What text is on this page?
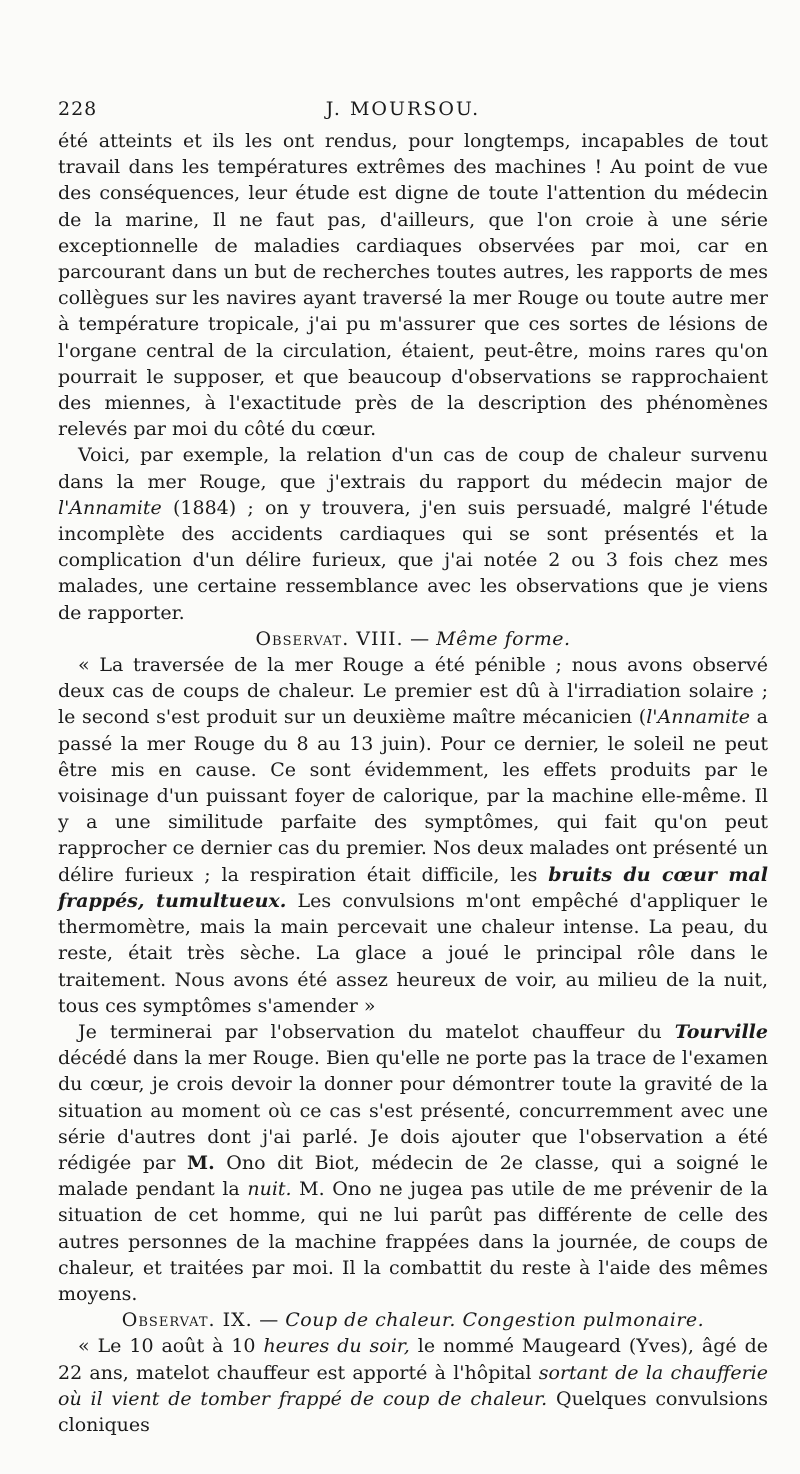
228	J. MOURSOU.

été atteints et ils les ont rendus, pour longtemps, incapables de tout travail dans les températures extrêmes des machines ! Au point de vue des conséquences, leur étude est digne de toute l'attention du médecin de la marine, Il ne faut pas, d'ailleurs, que l'on croie à une série exceptionnelle de maladies cardiaques observées par moi, car en parcourant dans un but de recherches toutes autres, les rapports de mes collègues sur les navires ayant traversé la mer Rouge ou toute autre mer à température tropicale, j'ai pu m'assurer que ces sortes de lésions de l'organe central de la circulation, étaient, peut-être, moins rares qu'on pourrait le supposer, et que beaucoup d'observations se rapprochaient des miennes, à l'exactitude près de la description des phénomènes relevés par moi du côté du cœur.

Voici, par exemple, la relation d'un cas de coup de chaleur survenu dans la mer Rouge, que j'extrais du rapport du médecin major de l'Annamite (1884) ; on y trouvera, j'en suis persuadé, malgré l'étude incomplète des accidents cardiaques qui se sont présentés et la complication d'un délire furieux, que j'ai notée 2 ou 3 fois chez mes malades, une certaine ressemblance avec les observations que je viens de rapporter.

Observat. VIII. — Même forme.

« La traversée de la mer Rouge a été pénible ; nous avons observé deux cas de coups de chaleur. Le premier est dû à l'irradiation solaire ; le second s'est produit sur un deuxième maître mécanicien (l'Annamite a passé la mer Rouge du 8 au 13 juin). Pour ce dernier, le soleil ne peut être mis en cause. Ce sont évidemment, les effets produits par le voisinage d'un puissant foyer de calorique, par la machine elle-même. Il y a une similitude parfaite des symptômes, qui fait qu'on peut rapprocher ce dernier cas du premier. Nos deux malades ont présenté un délire furieux ; la respiration était difficile, les bruits du cœur mal frappés, tumultueux. Les convulsions m'ont empêché d'appliquer le thermomètre, mais la main percevait une chaleur intense. La peau, du reste, était très sèche. La glace a joué le principal rôle dans le traitement. Nous avons été assez heureux de voir, au milieu de la nuit, tous ces symptômes s'amender »

Je terminerai par l'observation du matelot chauffeur du Tourville décédé dans la mer Rouge. Bien qu'elle ne porte pas la trace de l'examen du cœur, je crois devoir la donner pour démontrer toute la gravité de la situation au moment où ce cas s'est présenté, concurremment avec une série d'autres dont j'ai parlé. Je dois ajouter que l'observation a été rédigée par M. Ono dit Biot, médecin de 2e classe, qui a soigné le malade pendant la nuit. M. Ono ne jugea pas utile de me prévenir de la situation de cet homme, qui ne lui parût pas différente de celle des autres personnes de la machine frappées dans la journée, de coups de chaleur, et traitées par moi. Il la combattit du reste à l'aide des mêmes moyens.

Observat. IX. — Coup de chaleur. Congestion pulmonaire.

« Le 10 août à 10 heures du soir, le nommé Maugeard (Yves), âgé de 22 ans, matelot chauffeur est apporté à l'hôpital sortant de la chaufferie où il vient de tomber frappé de coup de chaleur. Quelques convulsions cloniques
